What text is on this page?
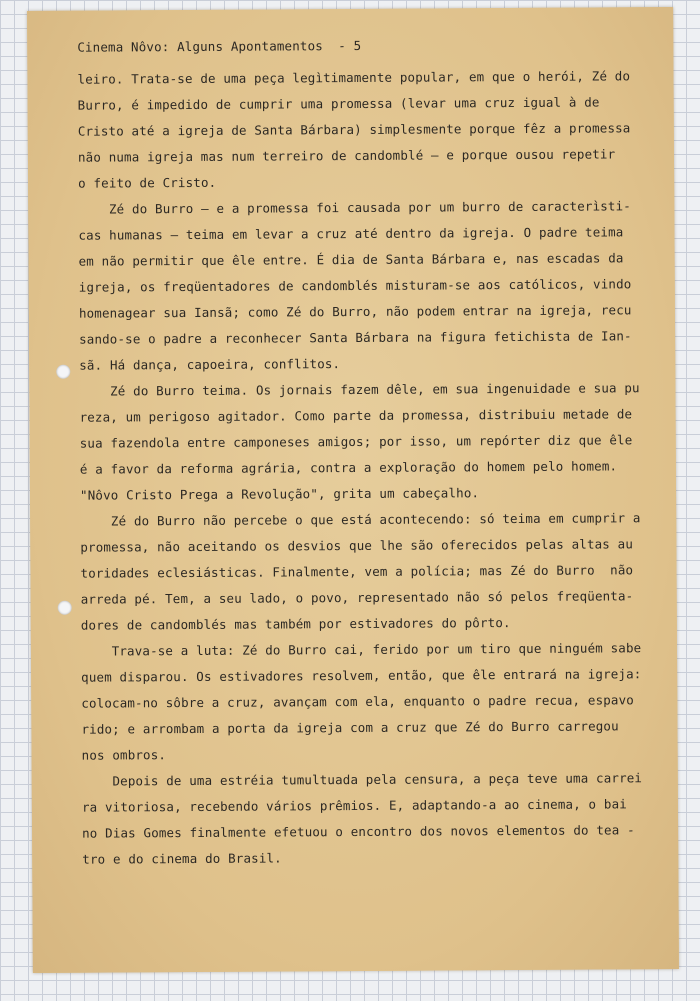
Cinema Nôvo: Alguns Apontamentos - 5
leiro. Trata-se de uma peça legìtimamente popular, em que o herói, Zé do
Burro, é impedido de cumprir uma promessa (levar uma cruz igual à de
Cristo até a igreja de Santa Bárbara) simplesmente porque fêz a promessa
não numa igreja mas num terreiro de candomblé — e porque ousou repetir
o feito de Cristo.
Zé do Burro — e a promessa foi causada por um burro de caracterìsti-
cas humanas — teima em levar a cruz até dentro da igreja. O padre teima
em não permitir que êle entre. É dia de Santa Bárbara e, nas escadas da
igreja, os freqüentadores de candomblés misturam-se aos católicos, vindo
homenagear sua Iansã; como Zé do Burro, não podem entrar na igreja, recu
sando-se o padre a reconhecer Santa Bárbara na figura fetichista de Ian-
sã. Há dança, capoeira, conflitos.
Zé do Burro teima. Os jornais fazem dêle, em sua ingenuidade e sua pu
reza, um perigoso agitador. Como parte da promessa, distribuiu metade de
sua fazendola entre camponeses amigos; por isso, um repórter diz que êle
é a favor da reforma agrária, contra a exploração do homem pelo homem.
"Nôvo Cristo Prega a Revolução", grita um cabeçalho.
Zé do Burro não percebe o que está acontecendo: só teima em cumprir a
promessa, não aceitando os desvios que lhe são oferecidos pelas altas au
toridades eclesiásticas. Finalmente, vem a polícia; mas Zé do Burro  não
arreda pé. Tem, a seu lado, o povo, representado não só pelos freqüenta-
dores de candomblés mas também por estivadores do pôrto.
Trava-se a luta: Zé do Burro cai, ferido por um tiro que ninguém sabe
quem disparou. Os estivadores resolvem, então, que êle entrará na igreja:
colocam-no sôbre a cruz, avançam com ela, enquanto o padre recua, espavo
rido; e arrombam a porta da igreja com a cruz que Zé do Burro carregou
nos ombros.
Depois de uma estréia tumultuada pela censura, a peça teve uma carrei
ra vitoriosa, recebendo vários prêmios. E, adaptando-a ao cinema, o bai
no Dias Gomes finalmente efetuou o encontro dos novos elementos do tea -
tro e do cinema do Brasil.
